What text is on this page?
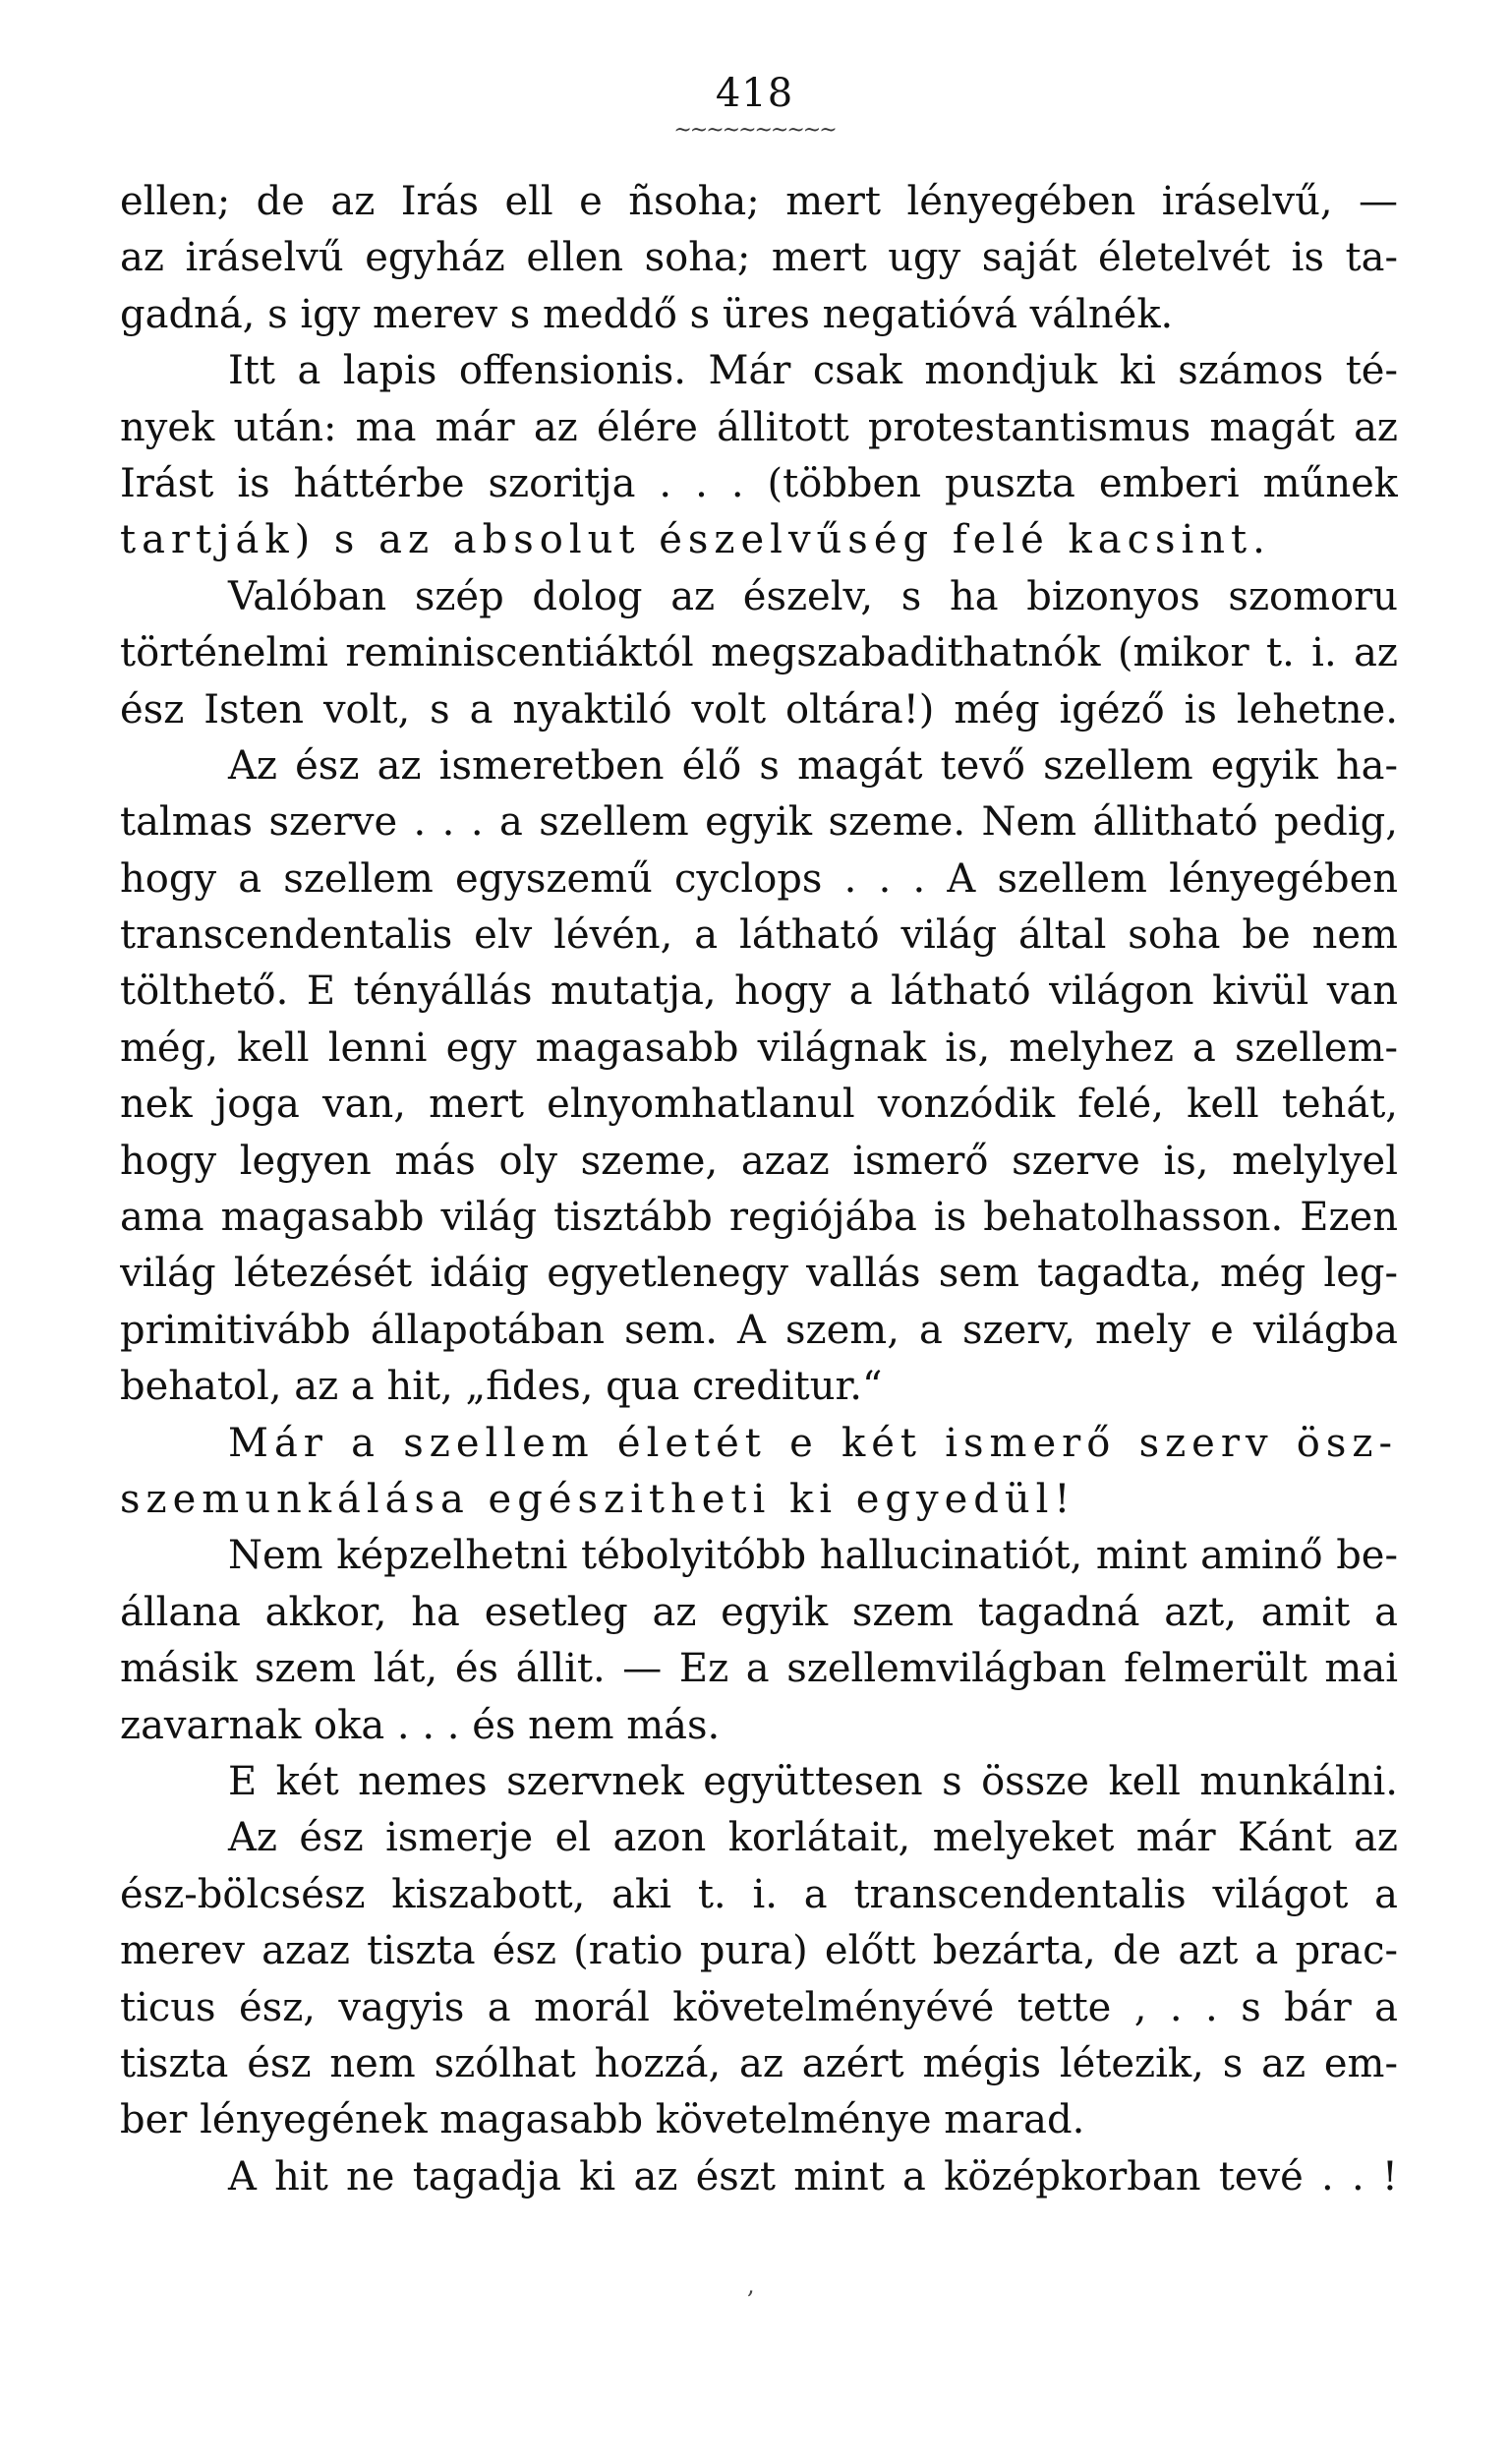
418
~~~~~~~~~~
ellen; de az Irás ell e ñsoha; mert lényegében iráselvű, —
az iráselvű egyház ellen soha; mert ugy saját életelvét is ta-
gadná, s igy merev s meddő s üres negatióvá válnék.
Itt a lapis offensionis. Már csak mondjuk ki számos té-
nyek után: ma már az élére állitott protestantismus magát az
Irást is háttérbe szoritja . . . (többen puszta emberi műnek
tartják) s az absolut észelvűség felé kacsint.
Valóban szép dolog az észelv, s ha bizonyos szomoru
történelmi reminiscentiáktól megszabadithatnók (mikor t. i. az
ész Isten volt, s a nyaktiló volt oltára!) még igéző is lehetne.
Az ész az ismeretben élő s magát tevő szellem egyik ha-
talmas szerve . . . a szellem egyik szeme. Nem állitható pedig,
hogy a szellem egyszemű cyclops . . . A szellem lényegében
transcendentalis elv lévén, a látható világ által soha be nem
tölthető. E tényállás mutatja, hogy a látható világon kivül van
még, kell lenni egy magasabb világnak is, melyhez a szellem-
nek joga van, mert elnyomhatlanul vonzódik felé, kell tehát,
hogy legyen más oly szeme, azaz ismerő szerve is, melylyel
ama magasabb világ tisztább regiójába is behatolhasson. Ezen
világ létezését idáig egyetlenegy vallás sem tagadta, még leg-
primitivább állapotában sem. A szem, a szerv, mely e világba
behatol, az a hit, „fides, qua creditur.“
Már a szellem életét e két ismerő szerv ösz-
szemunkálása egészitheti ki egyedül!
Nem képzelhetni tébolyitóbb hallucinatiót, mint aminő be-
állana akkor, ha esetleg az egyik szem tagadná azt, amit a
másik szem lát, és állit. — Ez a szellemvilágban felmerült mai
zavarnak oka . . . és nem más.
E két nemes szervnek együttesen s össze kell munkálni.
Az ész ismerje el azon korlátait, melyeket már Kánt az
ész-bölcsész kiszabott, aki t. i. a transcendentalis világot a
merev azaz tiszta ész (ratio pura) előtt bezárta, de azt a prac-
ticus ész, vagyis a morál követelményévé tette , . . s bár a
tiszta ész nem szólhat hozzá, az azért mégis létezik, s az em-
ber lényegének magasabb követelménye marad.
A hit ne tagadja ki az észt mint a középkorban tevé . . !
,
